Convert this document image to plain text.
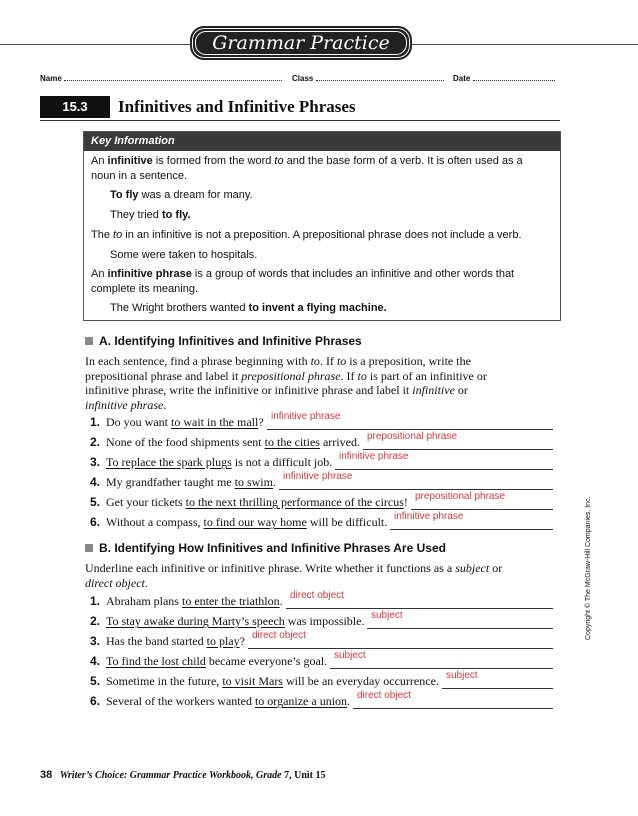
Grammar Practice
Name	Class	Date
15.3	Infinitives and Infinitive Phrases
Key Information
An infinitive is formed from the word to and the base form of a verb. It is often used as a noun in a sentence.
To fly was a dream for many.
They tried to fly.
The to in an infinitive is not a preposition. A prepositional phrase does not include a verb.
Some were taken to hospitals.
An infinitive phrase is a group of words that includes an infinitive and other words that complete its meaning.
The Wright brothers wanted to invent a flying machine.
A. Identifying Infinitives and Infinitive Phrases
In each sentence, find a phrase beginning with to. If to is a preposition, write the prepositional phrase and label it prepositional phrase. If to is part of an infinitive or infinitive phrase, write the infinitive or infinitive phrase and label it infinitive or infinitive phrase.
1. Do you want to wait in the mall? infinitive phrase
2. None of the food shipments sent to the cities arrived. prepositional phrase
3. To replace the spark plugs is not a difficult job. infinitive phrase
4. My grandfather taught me to swim. infinitive phrase
5. Get your tickets to the next thrilling performance of the circus! prepositional phrase
6. Without a compass, to find our way home will be difficult. infinitive phrase
B. Identifying How Infinitives and Infinitive Phrases Are Used
Underline each infinitive or infinitive phrase. Write whether it functions as a subject or direct object.
1. Abraham plans to enter the triathlon. direct object
2. To stay awake during Marty’s speech was impossible. subject
3. Has the band started to play? direct object
4. To find the lost child became everyone’s goal. subject
5. Sometime in the future, to visit Mars will be an everyday occurrence. subject
6. Several of the workers wanted to organize a union. direct object
Copyright © The McGraw-Hill Companies, Inc.
38 Writer’s Choice: Grammar Practice Workbook, Grade 7, Unit 15
